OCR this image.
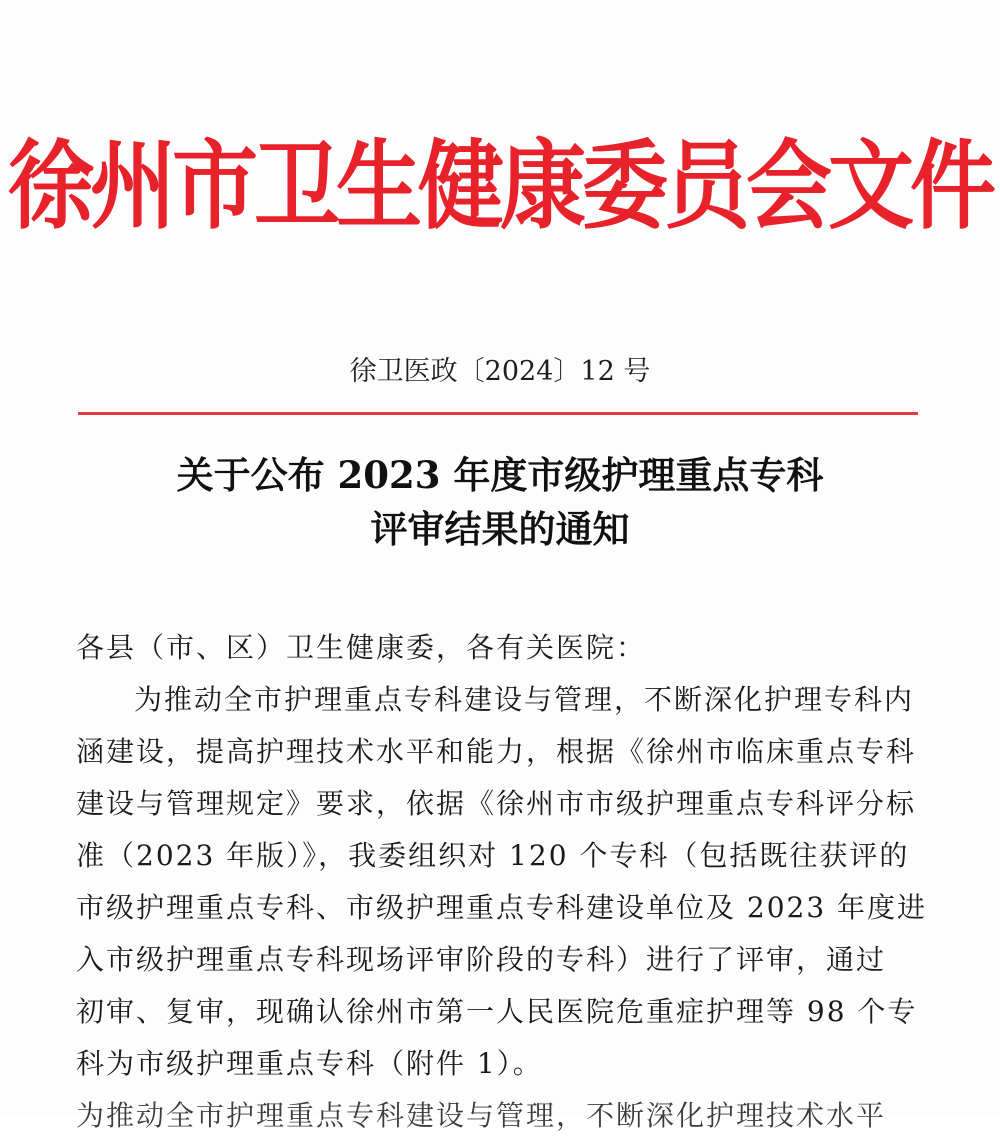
徐州市卫生健康委员会文件
徐卫医政〔2024〕12 号
关于公布 2023 年度市级护理重点专科
评审结果的通知
各县（市、区）卫生健康委，各有关医院：
为推动全市护理重点专科建设与管理，不断深化护理专科内
涵建设，提高护理技术水平和能力，根据《徐州市临床重点专科
建设与管理规定》要求，依据《徐州市市级护理重点专科评分标
准（2023 年版）》，我委组织对 120 个专科（包括既往获评的
市级护理重点专科、市级护理重点专科建设单位及 2023 年度进
入市级护理重点专科现场评审阶段的专科）进行了评审，通过
初审、复审，现确认徐州市第一人民医院危重症护理等 98 个专
科为市级护理重点专科（附件 1）。
为推动全市护理重点专科建设与管理，不断深化护理技术水平
